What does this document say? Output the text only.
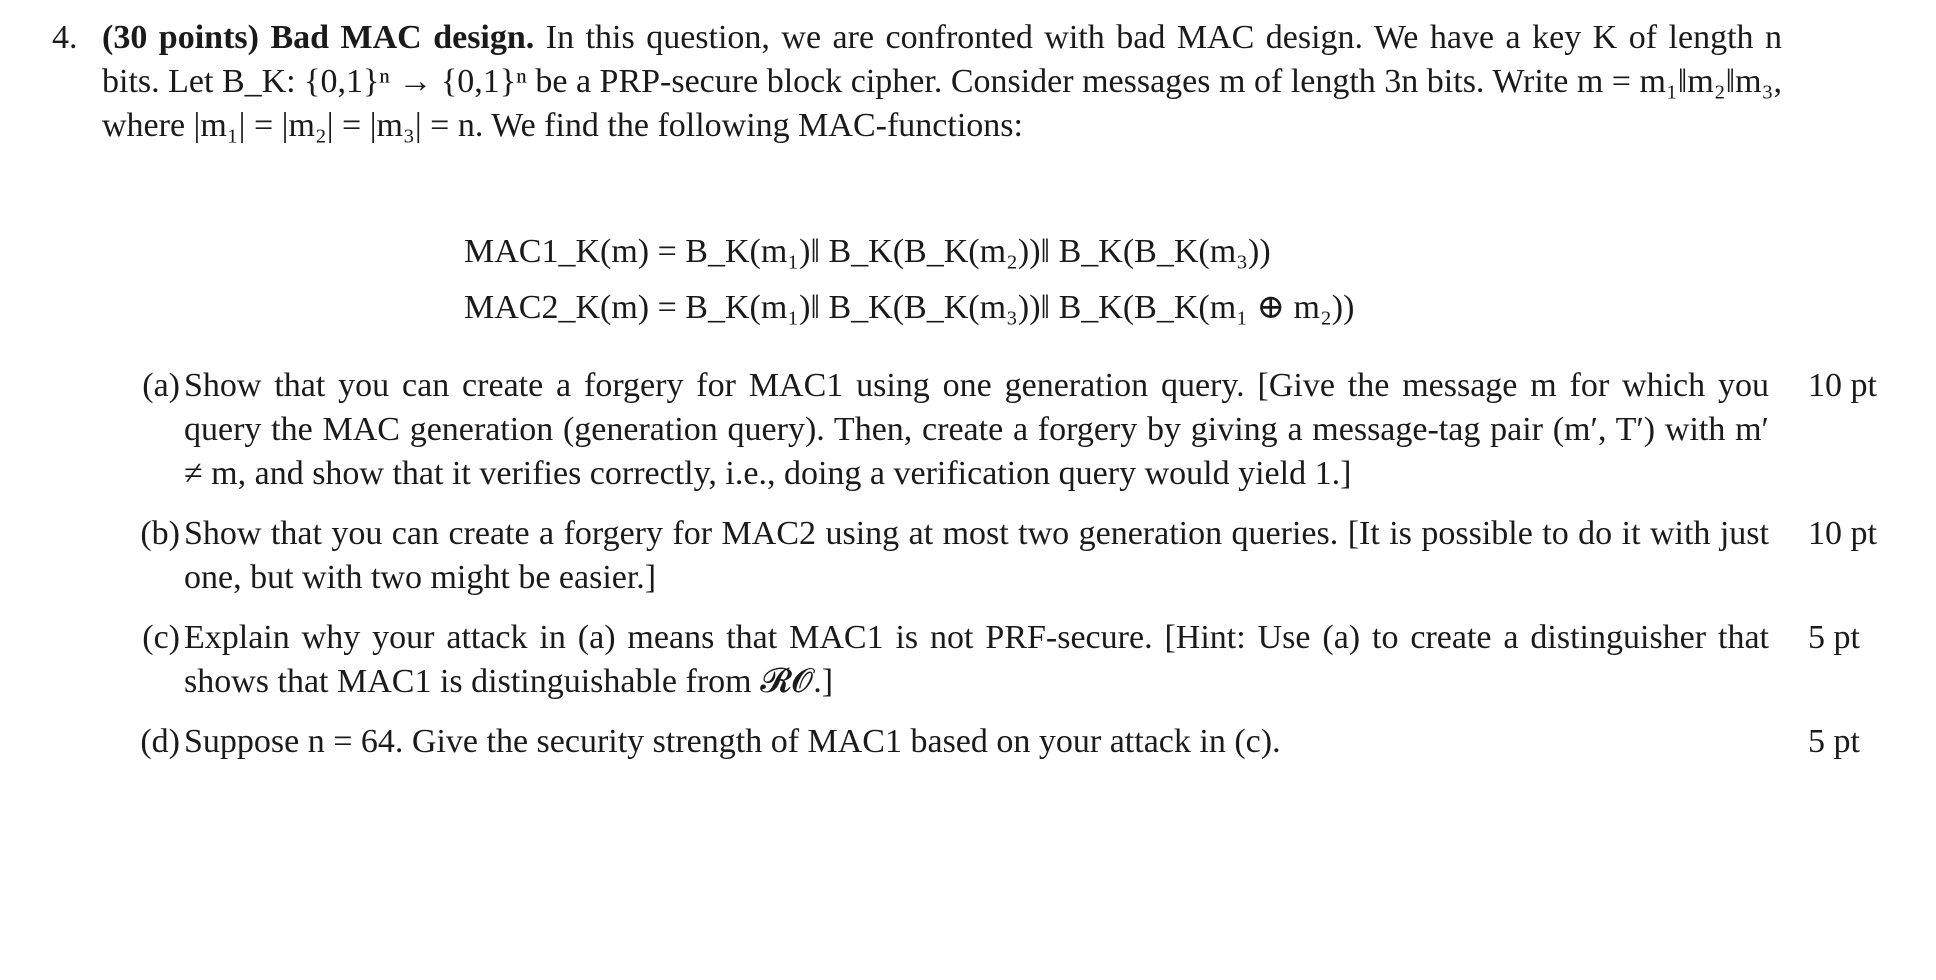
4. (30 points) Bad MAC design. In this question, we are confronted with bad MAC design. We have a key K of length n bits. Let B_K: {0,1}ⁿ → {0,1}ⁿ be a PRP-secure block cipher. Consider messages m of length 3n bits. Write m = m₁‖m₂‖m₃, where |m₁| = |m₂| = |m₃| = n. We find the following MAC-functions:
MAC1_K(m) = B_K(m₁)‖ B_K(B_K(m₂))‖ B_K(B_K(m₃))
MAC2_K(m) = B_K(m₁)‖ B_K(B_K(m₃))‖ B_K(B_K(m₁ ⊕ m₂))
(a) Show that you can create a forgery for MAC1 using one generation query. [Give the message m for which you query the MAC generation (generation query). Then, create a forgery by giving a message-tag pair (m′, T′) with m′ ≠ m, and show that it verifies correctly, i.e., doing a verification query would yield 1.]
10 pt
(b) Show that you can create a forgery for MAC2 using at most two generation queries. [It is possible to do it with just one, but with two might be easier.]
10 pt
(c) Explain why your attack in (a) means that MAC1 is not PRF-secure. [Hint: Use (a) to create a distinguisher that shows that MAC1 is distinguishable from 𝓡𝓞.]
5 pt
(d) Suppose n = 64. Give the security strength of MAC1 based on your attack in (c).	5 pt
